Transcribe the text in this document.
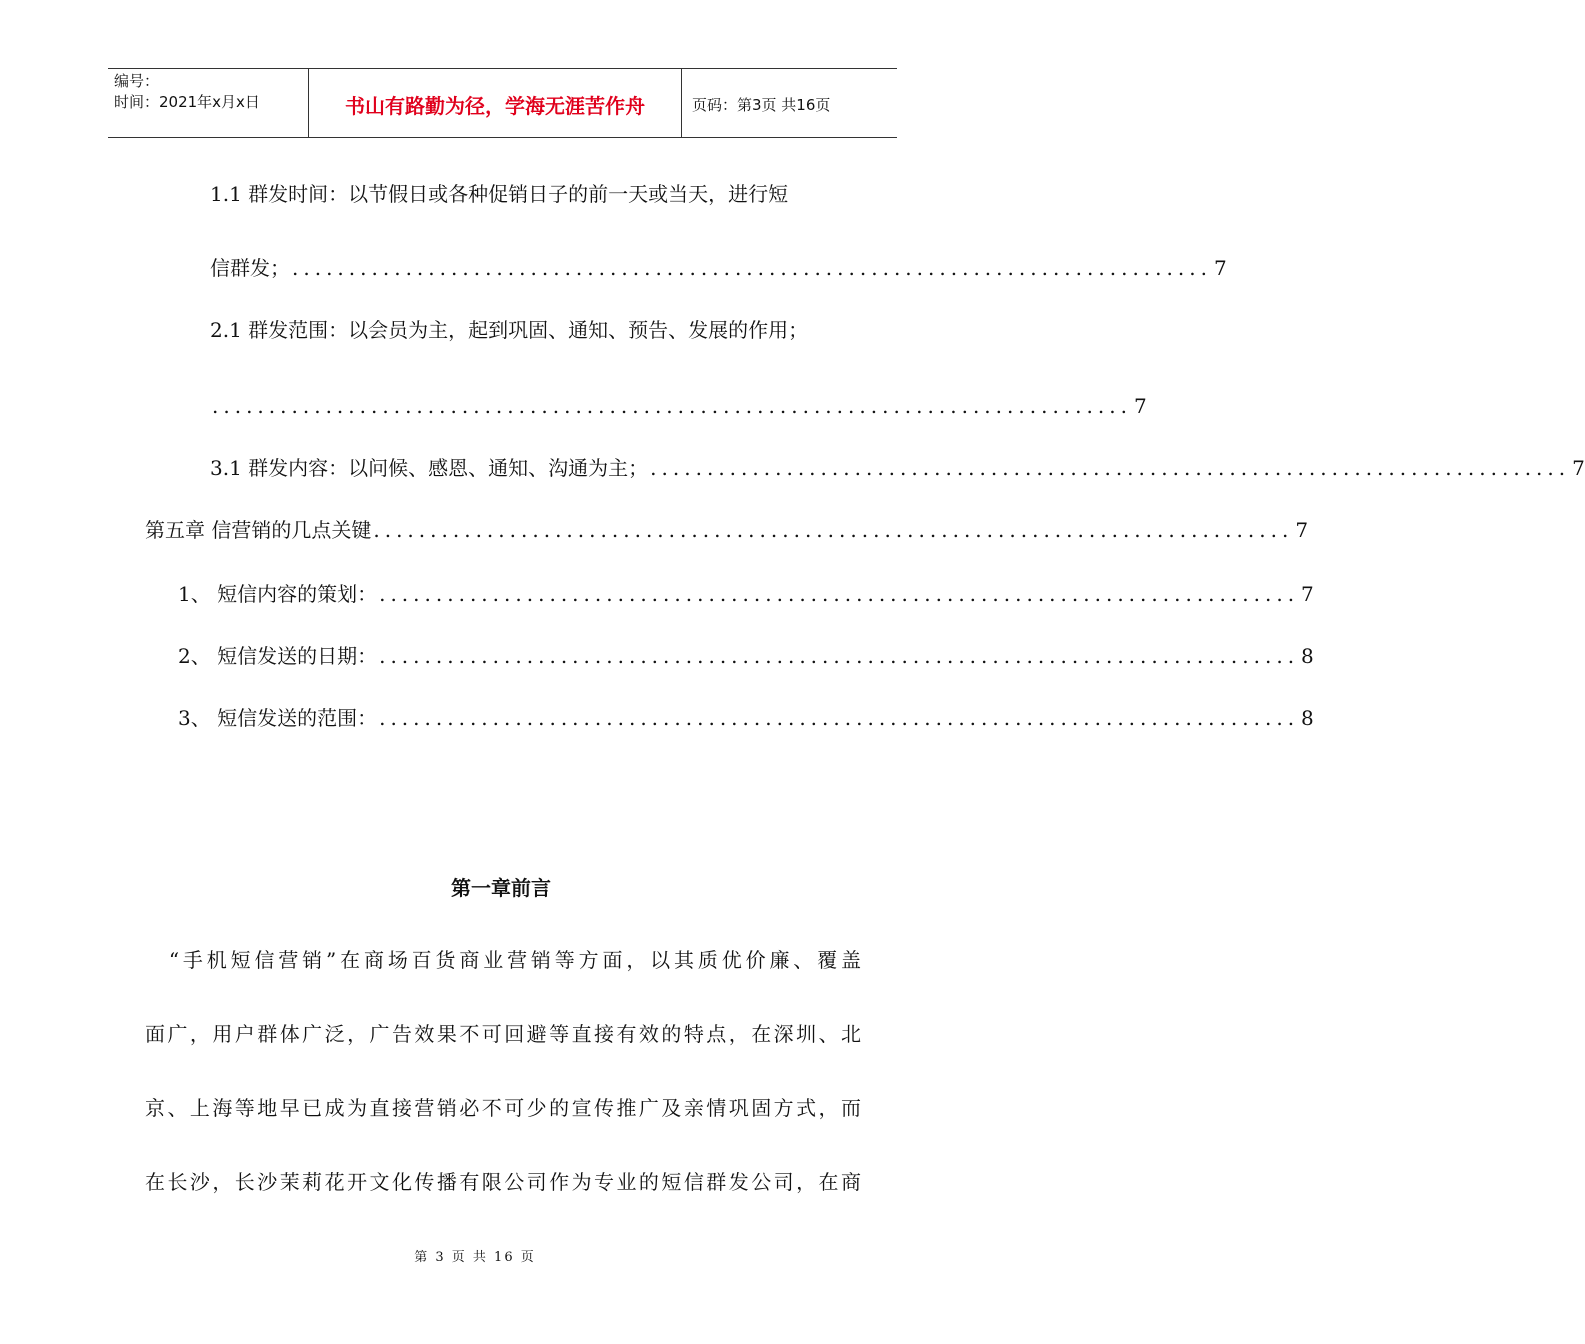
编号：
时间：2021年x月x日	书山有路勤为径，学海无涯苦作舟	页码：第3页 共16页
1.1 群发时间：以节假日或各种促销日子的前一天或当天，进行短
信群发； ................................................................................. 7
2.1 群发范围：以会员为主，起到巩固、通知、预告、发展的作用；
................................................................................. 7
3.1 群发内容：以问候、感恩、通知、沟通为主； ................................................................................. 7
第五章 信营销的几点关键 ................................................................................. 7
1、 短信内容的策划： ................................................................................. 7
2、 短信发送的日期： ................................................................................. 8
3、 短信发送的范围： ................................................................................. 8
第一章前言
　“手机短信营销”在商场百货商业营销等方面，以其质优价廉、覆盖
面广，用户群体广泛，广告效果不可回避等直接有效的特点，在深圳、北
京、上海等地早已成为直接营销必不可少的宣传推广及亲情巩固方式，而
在长沙，长沙茉莉花开文化传播有限公司作为专业的短信群发公司，在商
第 3 页 共 16 页
